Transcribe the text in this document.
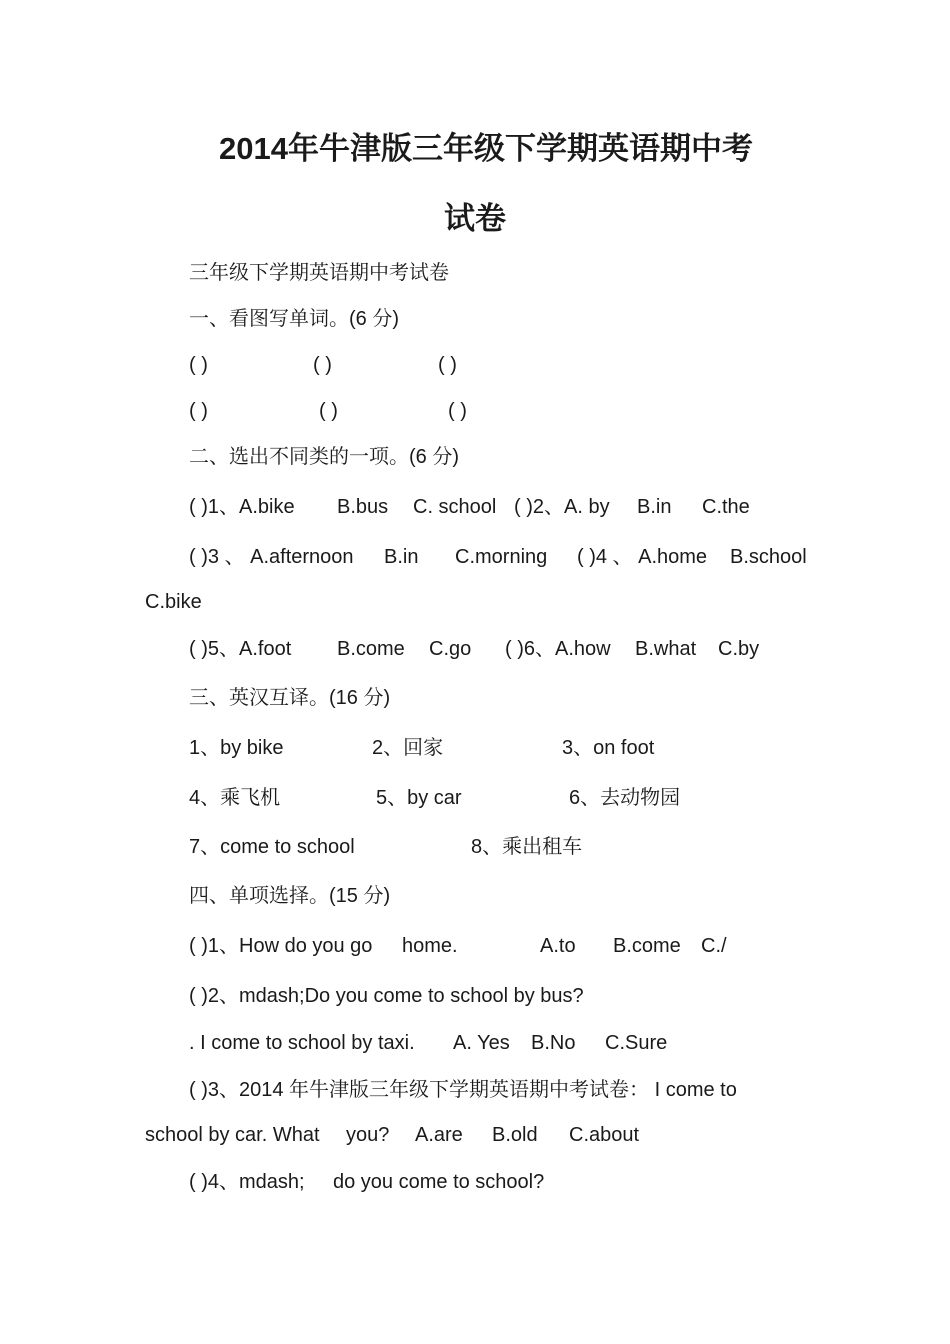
2014年牛津版三年级下学期英语期中考
试卷
三年级下学期英语期中考试卷
一、看图写单词。(6 分)
( )	( )	( )
( )	( )	( )
二、选出不同类的一项。(6 分)
( )1、A.bike B.bus C. school ( )2、A. by B.in C.the
( )3 、 A.afternoon B.in C.morning ( )4 、 A.home B.school
C.bike
( )5、A.foot B.come C.go ( )6、A.how B.what C.by
三、英汉互译。(16 分)
1、by bike	2、回家	3、on foot
4、乘飞机	5、by car	6、去动物园
7、come to school	8、乘出租车
四、单项选择。(15 分)
( )1、How do you go home.	A.to B.come C./
( )2、mdash;Do you come to school by bus?
. I come to school by taxi. A. Yes B.No C.Sure
( )3、2014 年牛津版三年级下学期英语期中考试卷： I come to
school by car. What you? A.are B.old C.about
( )4、mdash; do you come to school?
